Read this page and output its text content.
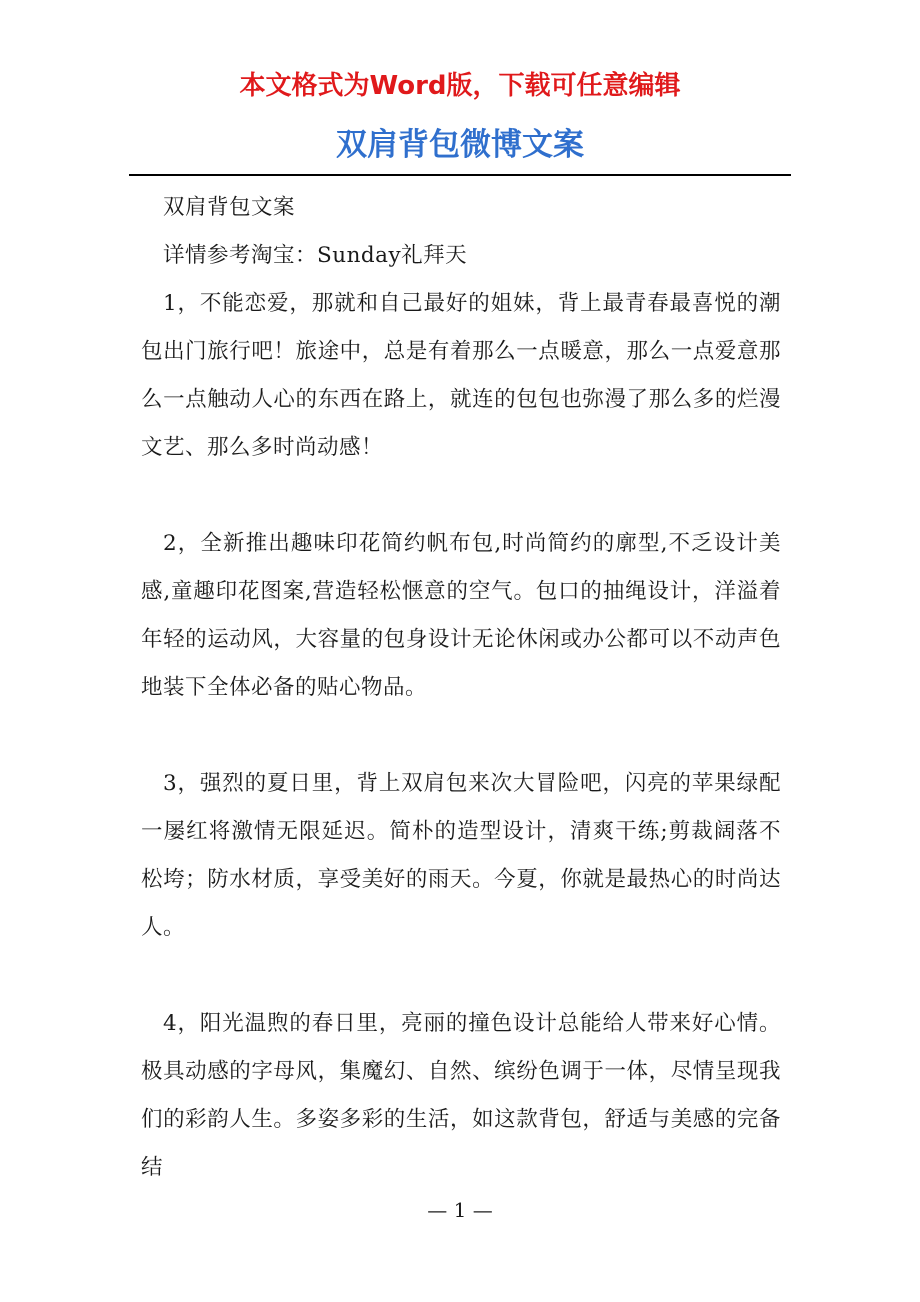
本文格式为Word版，下载可任意编辑

双肩背包微博文案

双肩背包文案

详情参考淘宝：Sunday礼拜天

1，不能恋爱，那就和自己最好的姐妹，背上最青春最喜悦的潮包出门旅行吧！旅途中，总是有着那么一点暖意，那么一点爱意那么一点触动人心的东西在路上，就连的包包也弥漫了那么多的烂漫文艺、那么多时尚动感！

2，全新推出趣味印花简约帆布包,时尚简约的廓型,不乏设计美感,童趣印花图案,营造轻松惬意的空气。包口的抽绳设计，洋溢着年轻的运动风，大容量的包身设计无论休闲或办公都可以不动声色地装下全体必备的贴心物品。

3，强烈的夏日里，背上双肩包来次大冒险吧，闪亮的苹果绿配一屡红将激情无限延迟。简朴的造型设计，清爽干练;剪裁阔落不松垮；防水材质，享受美好的雨天。今夏，你就是最热心的时尚达人。

4，阳光温煦的春日里，亮丽的撞色设计总能给人带来好心情。极具动感的字母风，集魔幻、自然、缤纷色调于一体，尽情呈现我们的彩韵人生。多姿多彩的生活，如这款背包，舒适与美感的完备结

— 1 —
